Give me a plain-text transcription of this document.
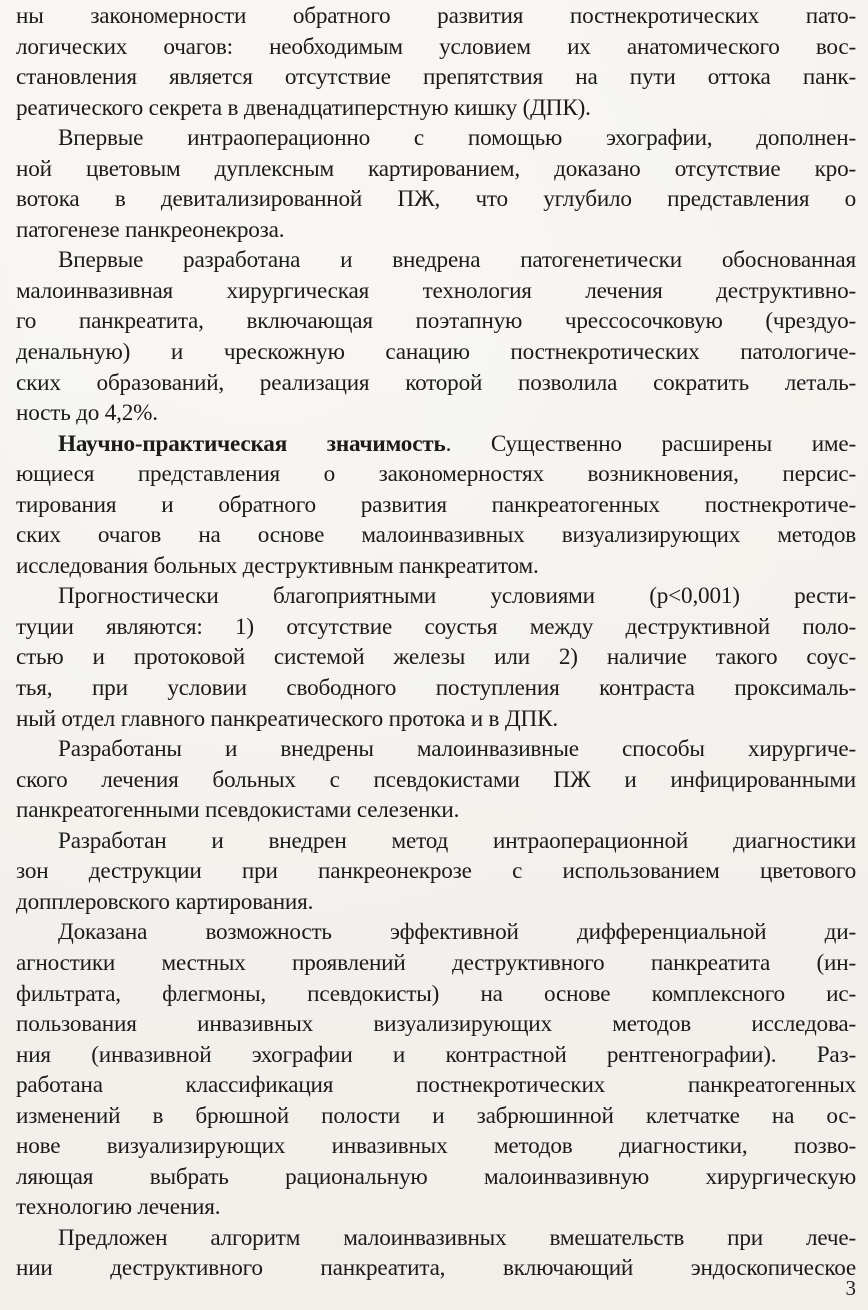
ны закономерности обратного развития постнекротических пато-
логических очагов: необходимым условием их анатомического вос-
становления является отсутствие препятствия на пути оттока панк-
реатического секрета в двенадцатиперстную кишку (ДПК).
Впервые интраоперационно с помощью эхографии, дополнен-
ной цветовым дуплексным картированием, доказано отсутствие кро-
вотока в девитализированной ПЖ, что углубило представления о
патогенезе панкреонекроза.
Впервые разработана и внедрена патогенетически обоснованная
малоинвазивная хирургическая технология лечения деструктивно-
го панкреатита, включающая поэтапную чрессосочковую (чрездуо-
денальную) и чрескожную санацию постнекротических патологиче-
ских образований, реализация которой позволила сократить леталь-
ность до 4,2%.
Научно-практическая значимость. Существенно расширены име-
ющиеся представления о закономерностях возникновения, персис-
тирования и обратного развития панкреатогенных постнекротиче-
ских очагов на основе малоинвазивных визуализирующих методов
исследования больных деструктивным панкреатитом.
Прогностически благоприятными условиями (p<0,001) рести-
туции являются: 1) отсутствие соустья между деструктивной поло-
стью и протоковой системой железы или 2) наличие такого соус-
тья, при условии свободного поступления контраста проксималь-
ный отдел главного панкреатического протока и в ДПК.
Разработаны и внедрены малоинвазивные способы хирургиче-
ского лечения больных с псевдокистами ПЖ и инфицированными
панкреатогенными псевдокистами селезенки.
Разработан и внедрен метод интраоперационной диагностики
зон деструкции при панкреонекрозе с использованием цветового
допплеровского картирования.
Доказана возможность эффективной дифференциальной ди-
агностики местных проявлений деструктивного панкреатита (ин-
фильтрата, флегмоны, псевдокисты) на основе комплексного ис-
пользования инвазивных визуализирующих методов исследова-
ния (инвазивной эхографии и контрастной рентгенографии). Раз-
работана классификация постнекротических панкреатогенных
изменений в брюшной полости и забрюшинной клетчатке на ос-
нове визуализирующих инвазивных методов диагностики, позво-
ляющая выбрать рациональную малоинвазивную хирургическую
технологию лечения.
Предложен алгоритм малоинвазивных вмешательств при лече-
нии деструктивного панкреатита, включающий эндоскопическое
3
